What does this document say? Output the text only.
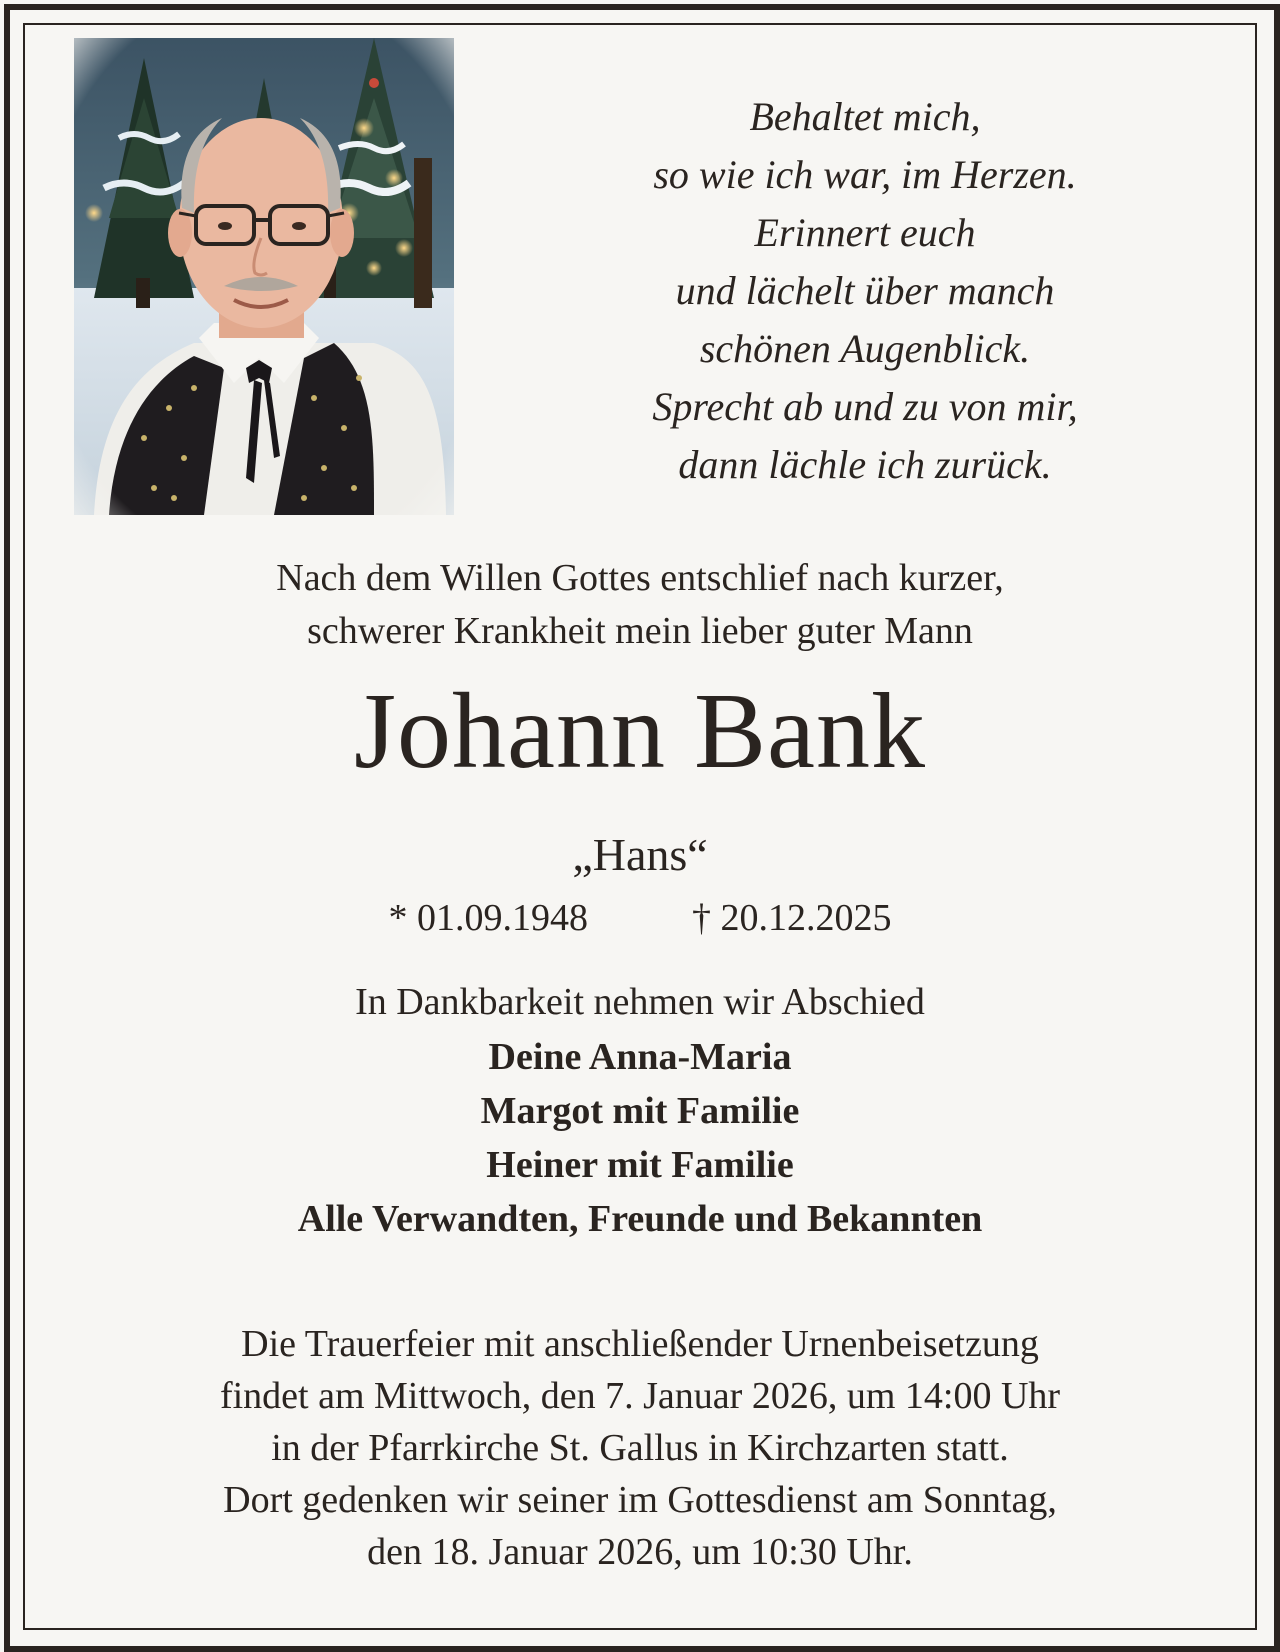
Behaltet mich,
so wie ich war, im Herzen.
Erinnert euch
und lächelt über manch
schönen Augenblick.
Sprecht ab und zu von mir,
dann lächle ich zurück.
Nach dem Willen Gottes entschlief nach kurzer,
schwerer Krankheit mein lieber guter Mann
Johann Bank
„Hans“
* 01.09.1948	† 20.12.2025
In Dankbarkeit nehmen wir Abschied
Deine Anna-Maria
Margot mit Familie
Heiner mit Familie
Alle Verwandten, Freunde und Bekannten
Die Trauerfeier mit anschließender Urnenbeisetzung
findet am Mittwoch, den 7. Januar 2026, um 14:00 Uhr
in der Pfarrkirche St. Gallus in Kirchzarten statt.
Dort gedenken wir seiner im Gottesdienst am Sonntag,
den 18. Januar 2026, um 10:30 Uhr.
